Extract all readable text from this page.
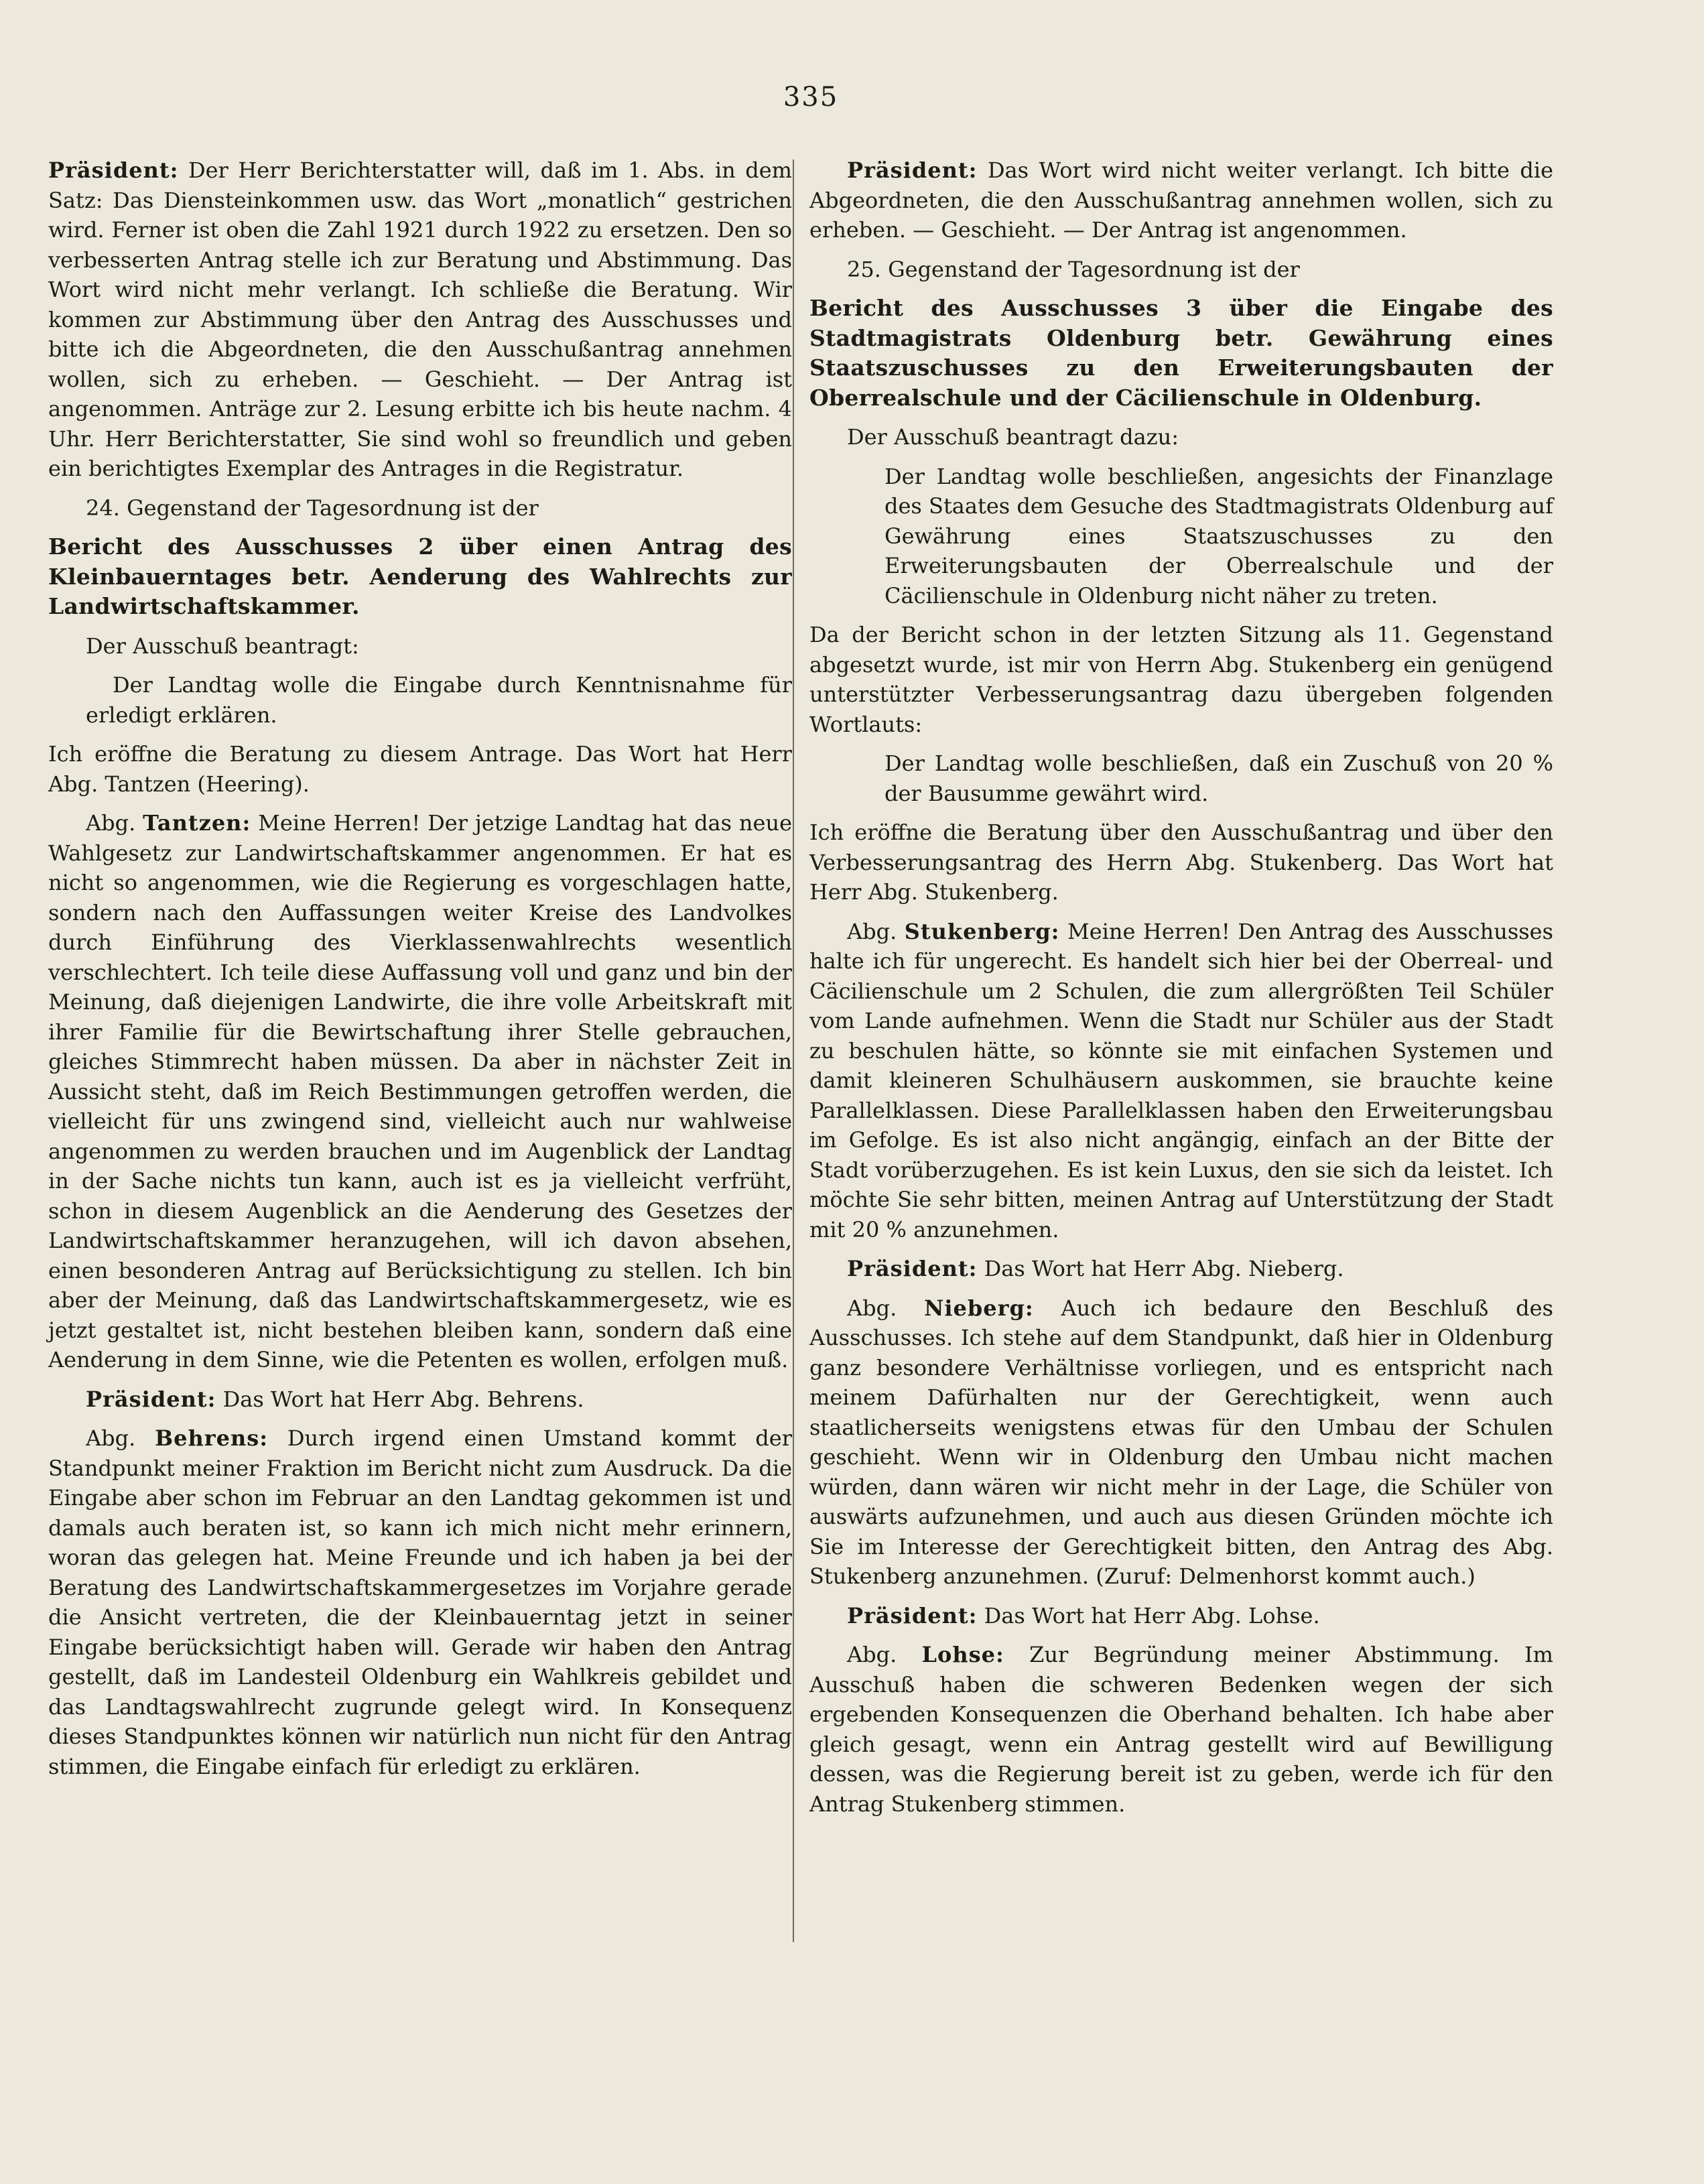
335

Präsident: Der Herr Berichterstatter will, daß im 1. Abs. in dem Satz: Das Diensteinkommen usw. das Wort „monatlich“ gestrichen wird. Ferner ist oben die Zahl 1921 durch 1922 zu ersetzen. Den so verbesserten Antrag stelle ich zur Beratung und Abstimmung. Das Wort wird nicht mehr verlangt. Ich schließe die Beratung. Wir kommen zur Abstimmung über den Antrag des Ausschusses und bitte ich die Abgeordneten, die den Ausschußantrag annehmen wollen, sich zu erheben. — Geschieht. — Der Antrag ist angenommen. Anträge zur 2. Lesung erbitte ich bis heute nachm. 4 Uhr. Herr Berichterstatter, Sie sind wohl so freundlich und geben ein berichtigtes Exemplar des Antrages in die Registratur.

24. Gegenstand der Tagesordnung ist der

Bericht des Ausschusses 2 über einen Antrag des Kleinbauerntages betr. Aenderung des Wahlrechts zur Landwirtschaftskammer.

Der Ausschuß beantragt:

Der Landtag wolle die Eingabe durch Kenntnisnahme für erledigt erklären.

Ich eröffne die Beratung zu diesem Antrage. Das Wort hat Herr Abg. Tantzen (Heering).

Abg. Tantzen: Meine Herren! Der jetzige Landtag hat das neue Wahlgesetz zur Landwirtschaftskammer angenommen. Er hat es nicht so angenommen, wie die Regierung es vorgeschlagen hatte, sondern nach den Auffassungen weiter Kreise des Landvolkes durch Einführung des Vierklassenwahlrechts wesentlich verschlechtert. Ich teile diese Auffassung voll und ganz und bin der Meinung, daß diejenigen Landwirte, die ihre volle Arbeitskraft mit ihrer Familie für die Bewirtschaftung ihrer Stelle gebrauchen, gleiches Stimmrecht haben müssen. Da aber in nächster Zeit in Aussicht steht, daß im Reich Bestimmungen getroffen werden, die vielleicht für uns zwingend sind, vielleicht auch nur wahlweise angenommen zu werden brauchen und im Augenblick der Landtag in der Sache nichts tun kann, auch ist es ja vielleicht verfrüht, schon in diesem Augenblick an die Aenderung des Gesetzes der Landwirtschaftskammer heranzugehen, will ich davon absehen, einen besonderen Antrag auf Berücksichtigung zu stellen. Ich bin aber der Meinung, daß das Landwirtschaftskammergesetz, wie es jetzt gestaltet ist, nicht bestehen bleiben kann, sondern daß eine Aenderung in dem Sinne, wie die Petenten es wollen, erfolgen muß.

Präsident: Das Wort hat Herr Abg. Behrens.

Abg. Behrens: Durch irgend einen Umstand kommt der Standpunkt meiner Fraktion im Bericht nicht zum Ausdruck. Da die Eingabe aber schon im Februar an den Landtag gekommen ist und damals auch beraten ist, so kann ich mich nicht mehr erinnern, woran das gelegen hat. Meine Freunde und ich haben ja bei der Beratung des Landwirtschaftskammergesetzes im Vorjahre gerade die Ansicht vertreten, die der Kleinbauerntag jetzt in seiner Eingabe berücksichtigt haben will. Gerade wir haben den Antrag gestellt, daß im Landesteil Oldenburg ein Wahlkreis gebildet und das Landtagswahlrecht zugrunde gelegt wird. In Konsequenz dieses Standpunktes können wir natürlich nun nicht für den Antrag stimmen, die Eingabe einfach für erledigt zu erklären.

Präsident: Das Wort wird nicht weiter verlangt. Ich bitte die Abgeordneten, die den Ausschußantrag annehmen wollen, sich zu erheben. — Geschieht. — Der Antrag ist angenommen.

25. Gegenstand der Tagesordnung ist der

Bericht des Ausschusses 3 über die Eingabe des Stadtmagistrats Oldenburg betr. Gewährung eines Staatszuschusses zu den Erweiterungsbauten der Oberrealschule und der Cäcilienschule in Oldenburg.

Der Ausschuß beantragt dazu:

Der Landtag wolle beschließen, angesichts der Finanzlage des Staates dem Gesuche des Stadtmagistrats Oldenburg auf Gewährung eines Staatszuschusses zu den Erweiterungsbauten der Oberrealschule und der Cäcilienschule in Oldenburg nicht näher zu treten.

Da der Bericht schon in der letzten Sitzung als 11. Gegenstand abgesetzt wurde, ist mir von Herrn Abg. Stukenberg ein genügend unterstützter Verbesserungsantrag dazu übergeben folgenden Wortlauts:

Der Landtag wolle beschließen, daß ein Zuschuß von 20 % der Bausumme gewährt wird.

Ich eröffne die Beratung über den Ausschußantrag und über den Verbesserungsantrag des Herrn Abg. Stukenberg. Das Wort hat Herr Abg. Stukenberg.

Abg. Stukenberg: Meine Herren! Den Antrag des Ausschusses halte ich für ungerecht. Es handelt sich hier bei der Oberreal- und Cäcilienschule um 2 Schulen, die zum allergrößten Teil Schüler vom Lande aufnehmen. Wenn die Stadt nur Schüler aus der Stadt zu beschulen hätte, so könnte sie mit einfachen Systemen und damit kleineren Schulhäusern auskommen, sie brauchte keine Parallelklassen. Diese Parallelklassen haben den Erweiterungsbau im Gefolge. Es ist also nicht angängig, einfach an der Bitte der Stadt vorüberzugehen. Es ist kein Luxus, den sie sich da leistet. Ich möchte Sie sehr bitten, meinen Antrag auf Unterstützung der Stadt mit 20 % anzunehmen.

Präsident: Das Wort hat Herr Abg. Nieberg.

Abg. Nieberg: Auch ich bedaure den Beschluß des Ausschusses. Ich stehe auf dem Standpunkt, daß hier in Oldenburg ganz besondere Verhältnisse vorliegen, und es entspricht nach meinem Dafürhalten nur der Gerechtigkeit, wenn auch staatlicherseits wenigstens etwas für den Umbau der Schulen geschieht. Wenn wir in Oldenburg den Umbau nicht machen würden, dann wären wir nicht mehr in der Lage, die Schüler von auswärts aufzunehmen, und auch aus diesen Gründen möchte ich Sie im Interesse der Gerechtigkeit bitten, den Antrag des Abg. Stukenberg anzunehmen. (Zuruf: Delmenhorst kommt auch.)

Präsident: Das Wort hat Herr Abg. Lohse.

Abg. Lohse: Zur Begründung meiner Abstimmung. Im Ausschuß haben die schweren Bedenken wegen der sich ergebenden Konsequenzen die Oberhand behalten. Ich habe aber gleich gesagt, wenn ein Antrag gestellt wird auf Bewilligung dessen, was die Regierung bereit ist zu geben, werde ich für den Antrag Stukenberg stimmen.
